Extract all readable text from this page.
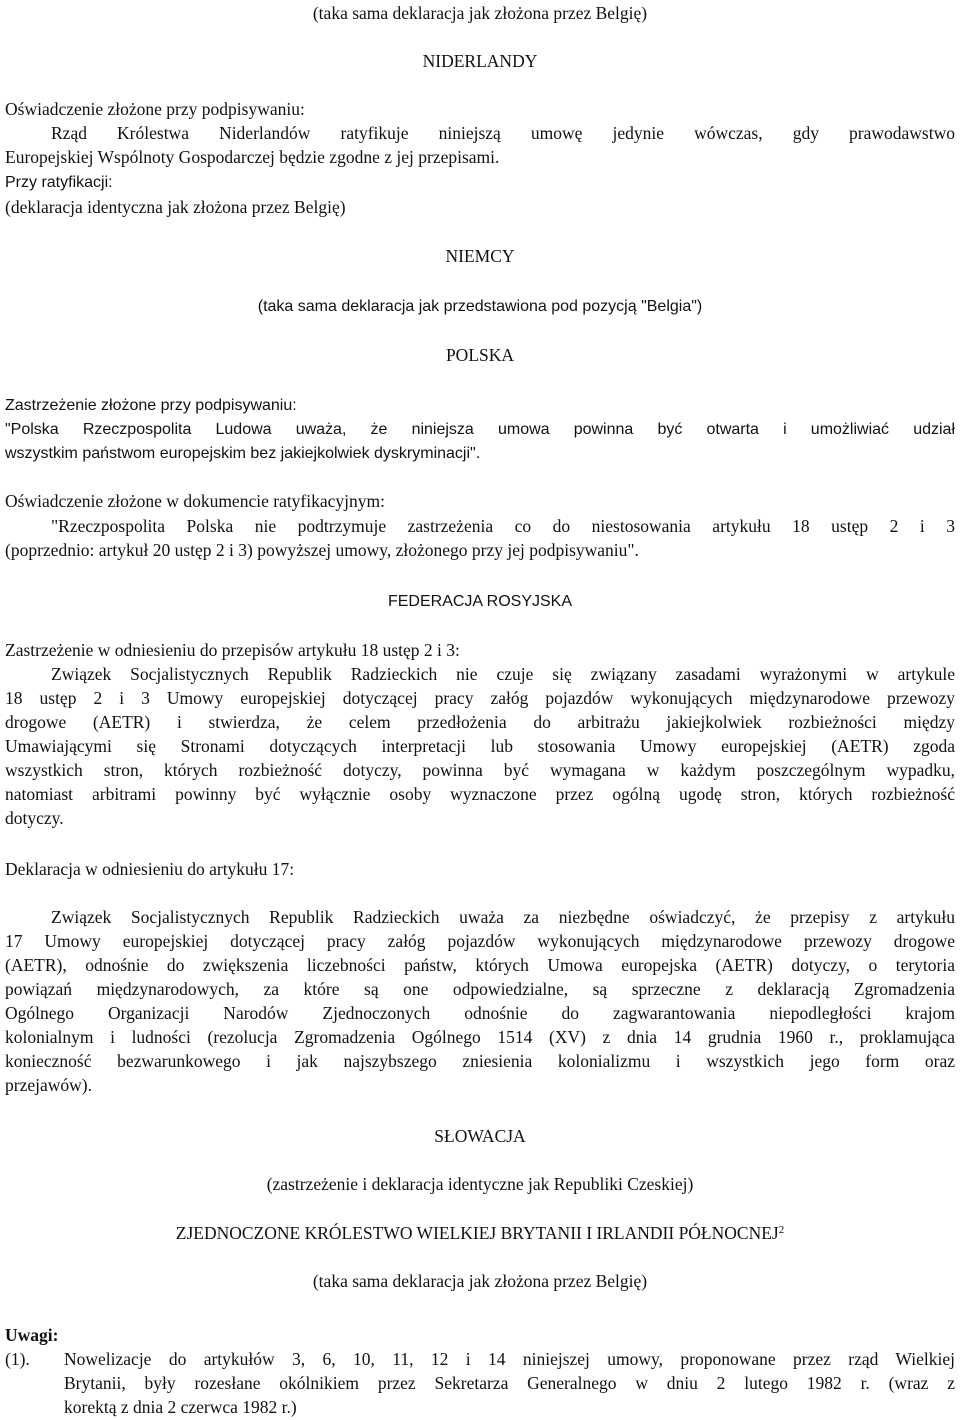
(taka sama deklaracja jak złożona przez Belgię)

NIDERLANDY

Oświadczenie złożone przy podpisywaniu:

Rząd Królestwa Niderlandów ratyfikuje niniejszą umowę jedynie wówczas, gdy prawodawstwo
Europejskiej Wspólnoty Gospodarczej będzie zgodne z jej przepisami.

Przy ratyfikacji:

(deklaracja identyczna jak złożona przez Belgię)

NIEMCY

(taka sama deklaracja jak przedstawiona pod pozycją "Belgia")

POLSKA

Zastrzeżenie złożone przy podpisywaniu:

"Polska Rzeczpospolita Ludowa uważa, że niniejsza umowa powinna być otwarta i umożliwiać udział
wszystkim państwom europejskim bez jakiejkolwiek dyskryminacji".

Oświadczenie złożone w dokumencie ratyfikacyjnym:

"Rzeczpospolita Polska nie podtrzymuje zastrzeżenia co do niestosowania artykułu 18 ustęp 2 i 3
(poprzednio: artykuł 20 ustęp 2 i 3) powyższej umowy, złożonego przy jej podpisywaniu".

FEDERACJA ROSYJSKA

Zastrzeżenie w odniesieniu do przepisów artykułu 18 ustęp 2 i 3:

Związek Socjalistycznych Republik Radzieckich nie czuje się związany zasadami wyrażonymi w artykule
18 ustęp 2 i 3 Umowy europejskiej dotyczącej pracy załóg pojazdów wykonujących międzynarodowe przewozy
drogowe (AETR) i stwierdza, że celem przedłożenia do arbitrażu jakiejkolwiek rozbieżności między
Umawiającymi się Stronami dotyczących interpretacji lub stosowania Umowy europejskiej (AETR) zgoda
wszystkich stron, których rozbieżność dotyczy, powinna być wymagana w każdym poszczególnym wypadku,
natomiast arbitrami powinny być wyłącznie osoby wyznaczone przez ogólną ugodę stron, których rozbieżność
dotyczy.

Deklaracja w odniesieniu do artykułu 17:

Związek Socjalistycznych Republik Radzieckich uważa za niezbędne oświadczyć, że przepisy z artykułu
17 Umowy europejskiej dotyczącej pracy załóg pojazdów wykonujących międzynarodowe przewozy drogowe
(AETR), odnośnie do zwiększenia liczebności państw, których Umowa europejska (AETR) dotyczy, o terytoria
powiązań międzynarodowych, za które są one odpowiedzialne, są sprzeczne z deklaracją Zgromadzenia
Ogólnego Organizacji Narodów Zjednoczonych odnośnie do zagwarantowania niepodległości krajom
kolonialnym i ludności (rezolucja Zgromadzenia Ogólnego 1514 (XV) z dnia 14 grudnia 1960 r., proklamująca
konieczność bezwarunkowego i jak najszybszego zniesienia kolonializmu i wszystkich jego form oraz
przejawów).

SŁOWACJA

(zastrzeżenie i deklaracja identyczne jak Republiki Czeskiej)

ZJEDNOCZONE KRÓLESTWO WIELKIEJ BRYTANII I IRLANDII PÓŁNOCNEJ$^2$

(taka sama deklaracja jak złożona przez Belgię)

Uwagi:

(1). Nowelizacje do artykułów 3, 6, 10, 11, 12 i 14 niniejszej umowy, proponowane przez rząd Wielkiej
Brytanii, były rozesłane okólnikiem przez Sekretarza Generalnego w dniu 2 lutego 1982 r. (wraz z
korektą z dnia 2 czerwca 1982 r.)
